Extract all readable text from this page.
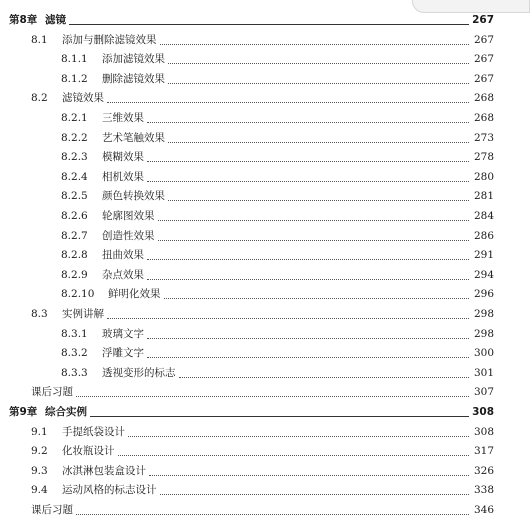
第8章 滤镜	267
8.1	添加与删除滤镜效果	267
8.1.1	添加滤镜效果	267
8.1.2	删除滤镜效果	267
8.2	滤镜效果	268
8.2.1	三维效果	268
8.2.2	艺术笔触效果	273
8.2.3	模糊效果	278
8.2.4	相机效果	280
8.2.5	颜色转换效果	281
8.2.6	轮廓图效果	284
8.2.7	创造性效果	286
8.2.8	扭曲效果	291
8.2.9	杂点效果	294
8.2.10	鲜明化效果	296
8.3	实例讲解	298
8.3.1	玻璃文字	298
8.3.2	浮雕文字	300
8.3.3	透视变形的标志	301
课后习题	307
第9章 综合实例	308
9.1	手提纸袋设计	308
9.2	化妆瓶设计	317
9.3	冰淇淋包装盒设计	326
9.4	运动风格的标志设计	338
课后习题	346
